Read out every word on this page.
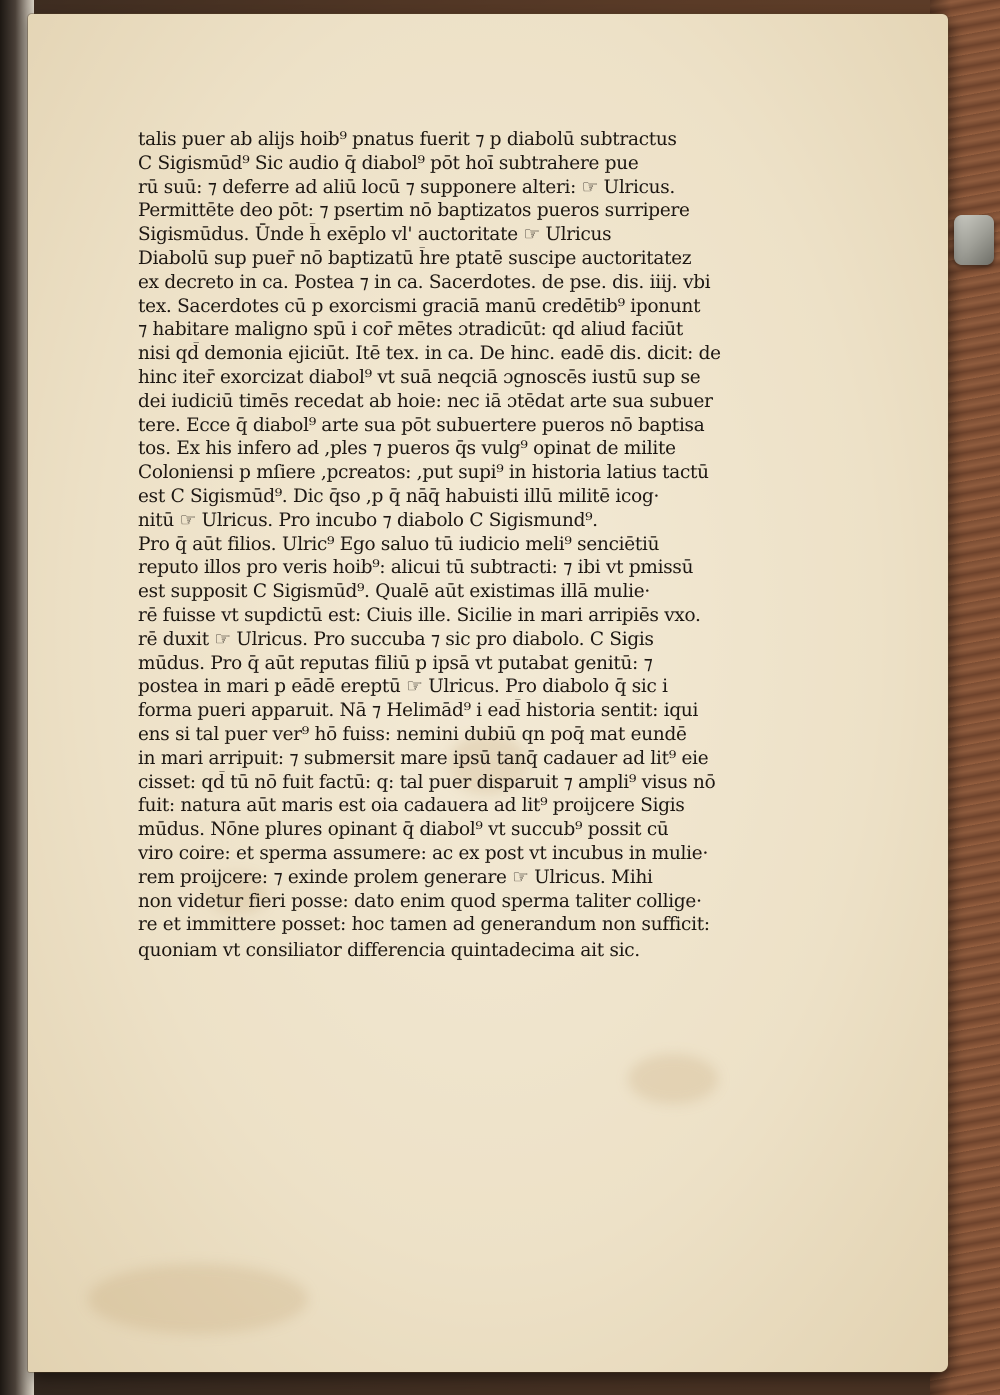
talis puer ab alijs hoib⁹ pnatus fuerit ⁊ p diabolū subtractus
C Sigismūd⁹ Sic audio q̄ diabol⁹ pōt hoī subtrahere pue
rū suū: ⁊ deferre ad aliū locū ⁊ supponere alteri: ☞ Ulricus.
Permittēte deo pōt: ⁊ psertim nō baptizatos pueros surripere
Sigismūdus. Ūnde h̄ exēplo vl' auctoritate ☞ Ulricus
Diabolū sup puer̄ nō baptizatū h̄re ptatē suscipe auctoritatez
ex decreto in ca. Postea ⁊ in ca. Sacerdotes. de pse. dis. iiij. vbi
tex. Sacerdotes cū p exorcismi graciā manū credētib⁹ iponunt
⁊ habitare maligno spū i cor̄ mētes ɔtradicūt: qd aliud faciūt
nisi qd̄ demonia ejiciūt. Itē tex. in ca. De hinc. eadē dis. dicit: de
hinc iter̄ exorcizat diabol⁹ vt suā neqciā ɔgnoscēs iustū sup se
dei iudiciū timēs recedat ab hoie: nec iā ɔtēdat arte sua subuer
tere. Ecce q̄ diabol⁹ arte sua pōt subuertere pueros nō baptisa
tos. Ex his infero ad ,ples ⁊ pueros q̄s vulg⁹ opinat de milite
Coloniensi p mſiere ,pcreatos: ,put supi⁹ in historia latius tactū
est C Sigismūd⁹. Dic q̄so ,p q̄ nāq̄ habuisti illū militē icog·
nitū ☞ Ulricus. Pro incubo ⁊ diabolo C Sigismund⁹.
Pro q̄ aūt filios. Ulric⁹ Ego saluo tū iudicio meli⁹ senciētiū
reputo illos pro veris hoib⁹: alicui tū subtracti: ⁊ ibi vt pmissū
est supposit C Sigismūd⁹. Qualē aūt existimas illā mulie·
rē fuisse vt supdictū est: Ciuis ille. Sicilie in mari arripiēs vxo.
rē duxit ☞ Ulricus. Pro succuba ⁊ sic pro diabolo. C Sigis
mūdus. Pro q̄ aūt reputas filiū p ipsā vt putabat genitū: ⁊
postea in mari p eādē ereptū ☞ Ulricus. Pro diabolo q̄ sic i
forma pueri apparuit. Nā ⁊ Helimād⁹ i ead̄ historia sentit: iqui
ens si tal puer ver⁹ hō fuiss: nemini dubiū qn poq̄ mat eundē
in mari arripuit: ⁊ submersit mare ipsū tanq̄ cadauer ad lit⁹ eie
cisset: qd̄ tū nō fuit factū: q: tal puer disparuit ⁊ ampli⁹ visus nō
fuit: natura aūt maris est oia cadauera ad lit⁹ proijcere Sigis
mūdus. Nōne plures opinant q̄ diabol⁹ vt succub⁹ possit cū
viro coire: et sperma assumere: ac ex post vt incubus in mulie·
rem proijcere: ⁊ exinde prolem generare ☞ Ulricus. Mihi
non videtur fieri posse: dato enim quod sperma taliter collige·
re et immittere posset: hoc tamen ad generandum non sufficit:
quoniam vt consiliator differencia quintadecima ait sic.
